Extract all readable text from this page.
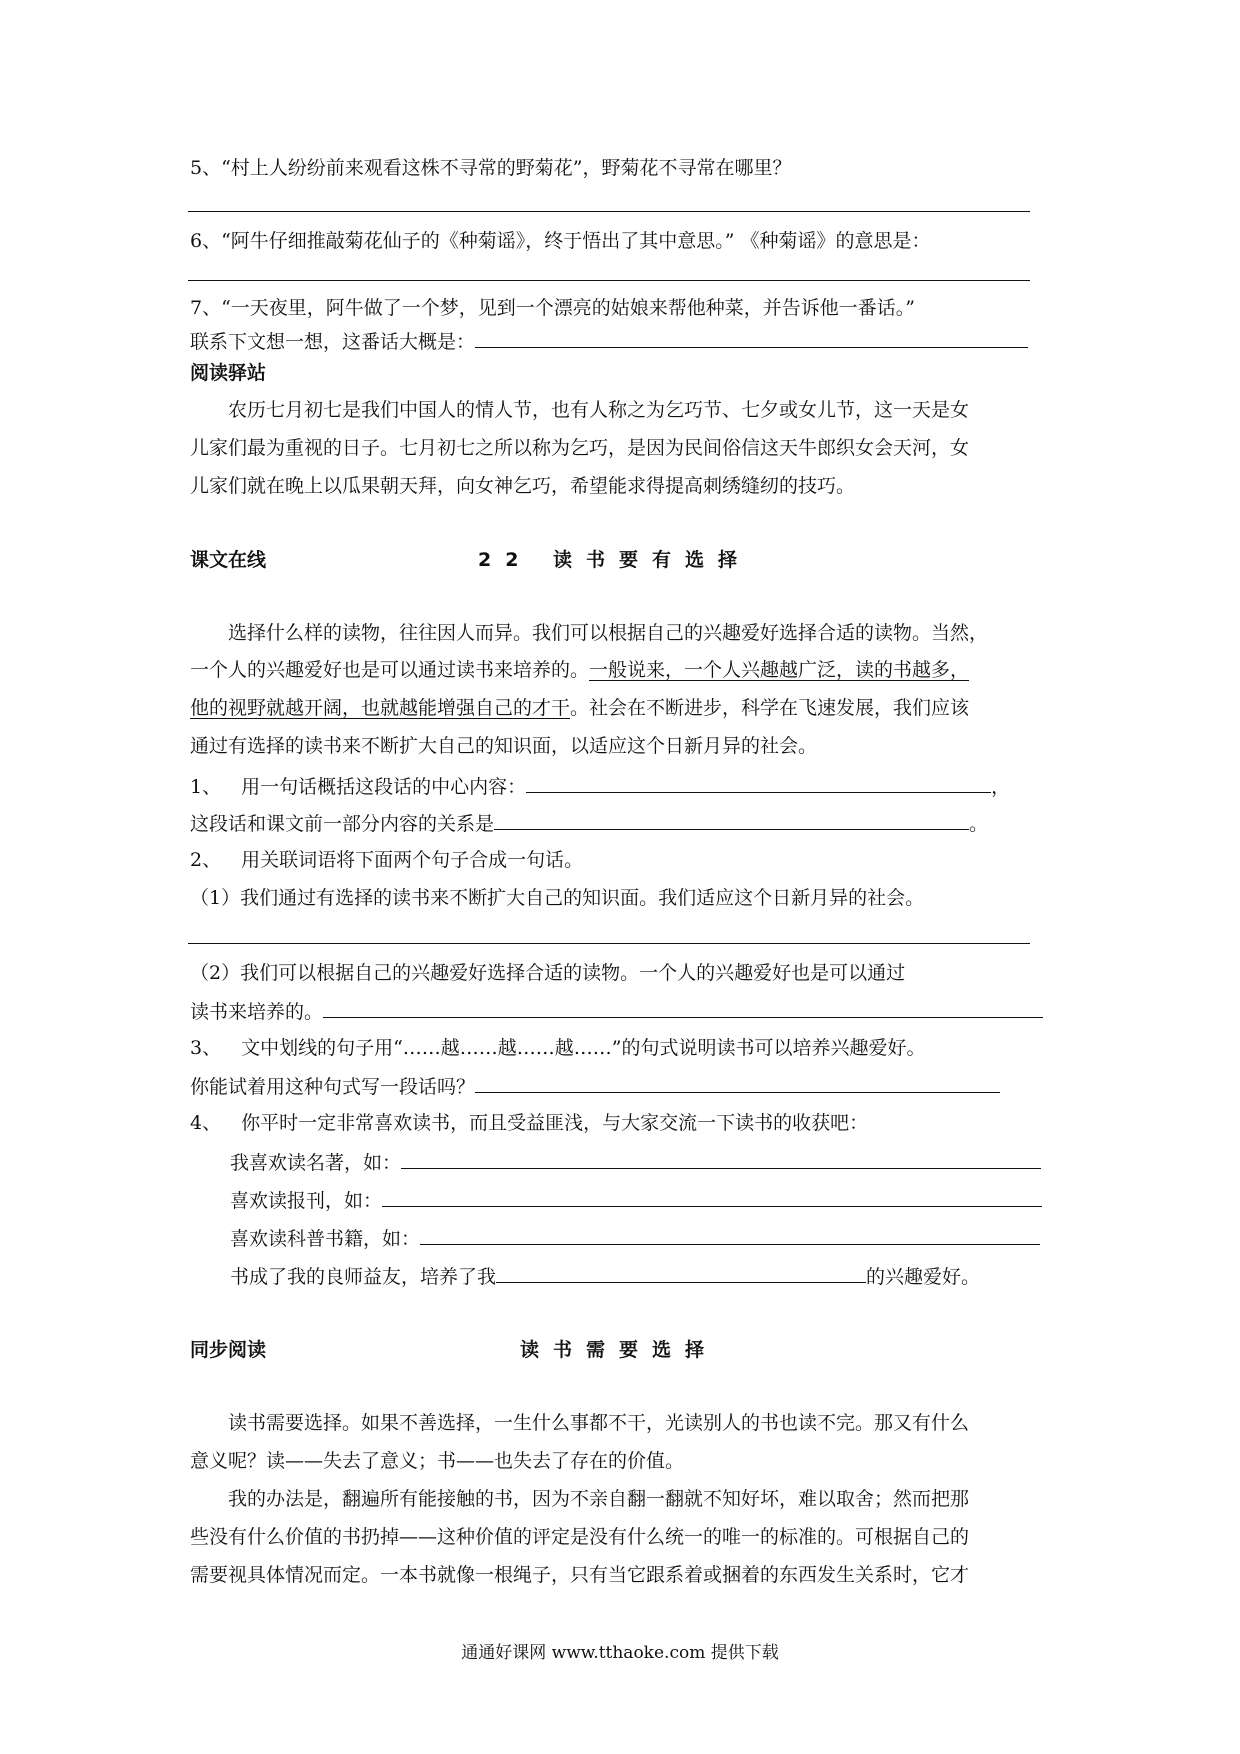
5、“村上人纷纷前来观看这株不寻常的野菊花”，野菊花不寻常在哪里？
6、“阿牛仔细推敲菊花仙子的《种菊谣》，终于悟出了其中意思。” 《种菊谣》的意思是：
7、“一天夜里，阿牛做了一个梦，见到一个漂亮的姑娘来帮他种菜，并告诉他一番话。”
联系下文想一想，这番话大概是：
阅读驿站
农历七月初七是我们中国人的情人节，也有人称之为乞巧节、七夕或女儿节，这一天是女
儿家们最为重视的日子。七月初七之所以称为乞巧，是因为民间俗信这天牛郎织女会天河，女
儿家们就在晚上以瓜果朝天拜，向女神乞巧，希望能求得提高刺绣缝纫的技巧。
课文在线	22 读书要有选择
选择什么样的读物，往往因人而异。我们可以根据自己的兴趣爱好选择合适的读物。当然，
一个人的兴趣爱好也是可以通过读书来培养的。一般说来，一个人兴趣越广泛，读的书越多，
他的视野就越开阔，也就越能增强自己的才干。社会在不断进步，科学在飞速发展，我们应该
通过有选择的读书来不断扩大自己的知识面，以适应这个日新月异的社会。
1、 用一句话概括这段话的中心内容：	，
这段话和课文前一部分内容的关系是	。
2、 用关联词语将下面两个句子合成一句话。
（1）我们通过有选择的读书来不断扩大自己的知识面。我们适应这个日新月异的社会。
（2）我们可以根据自己的兴趣爱好选择合适的读物。一个人的兴趣爱好也是可以通过
读书来培养的。
3、 文中划线的句子用“……越……越……越……”的句式说明读书可以培养兴趣爱好。
你能试着用这种句式写一段话吗？
4、 你平时一定非常喜欢读书，而且受益匪浅，与大家交流一下读书的收获吧：
我喜欢读名著，如：
喜欢读报刊，如：
喜欢读科普书籍，如：
书成了我的良师益友，培养了我	的兴趣爱好。
同步阅读	读书需要选择
读书需要选择。如果不善选择，一生什么事都不干，光读别人的书也读不完。那又有什么
意义呢？读——失去了意义；书——也失去了存在的价值。
我的办法是，翻遍所有能接触的书，因为不亲自翻一翻就不知好坏，难以取舍；然而把那
些没有什么价值的书扔掉——这种价值的评定是没有什么统一的唯一的标准的。可根据自己的
需要视具体情况而定。一本书就像一根绳子，只有当它跟系着或捆着的东西发生关系时，它才
通通好课网 www.tthaoke.com 提供下载
